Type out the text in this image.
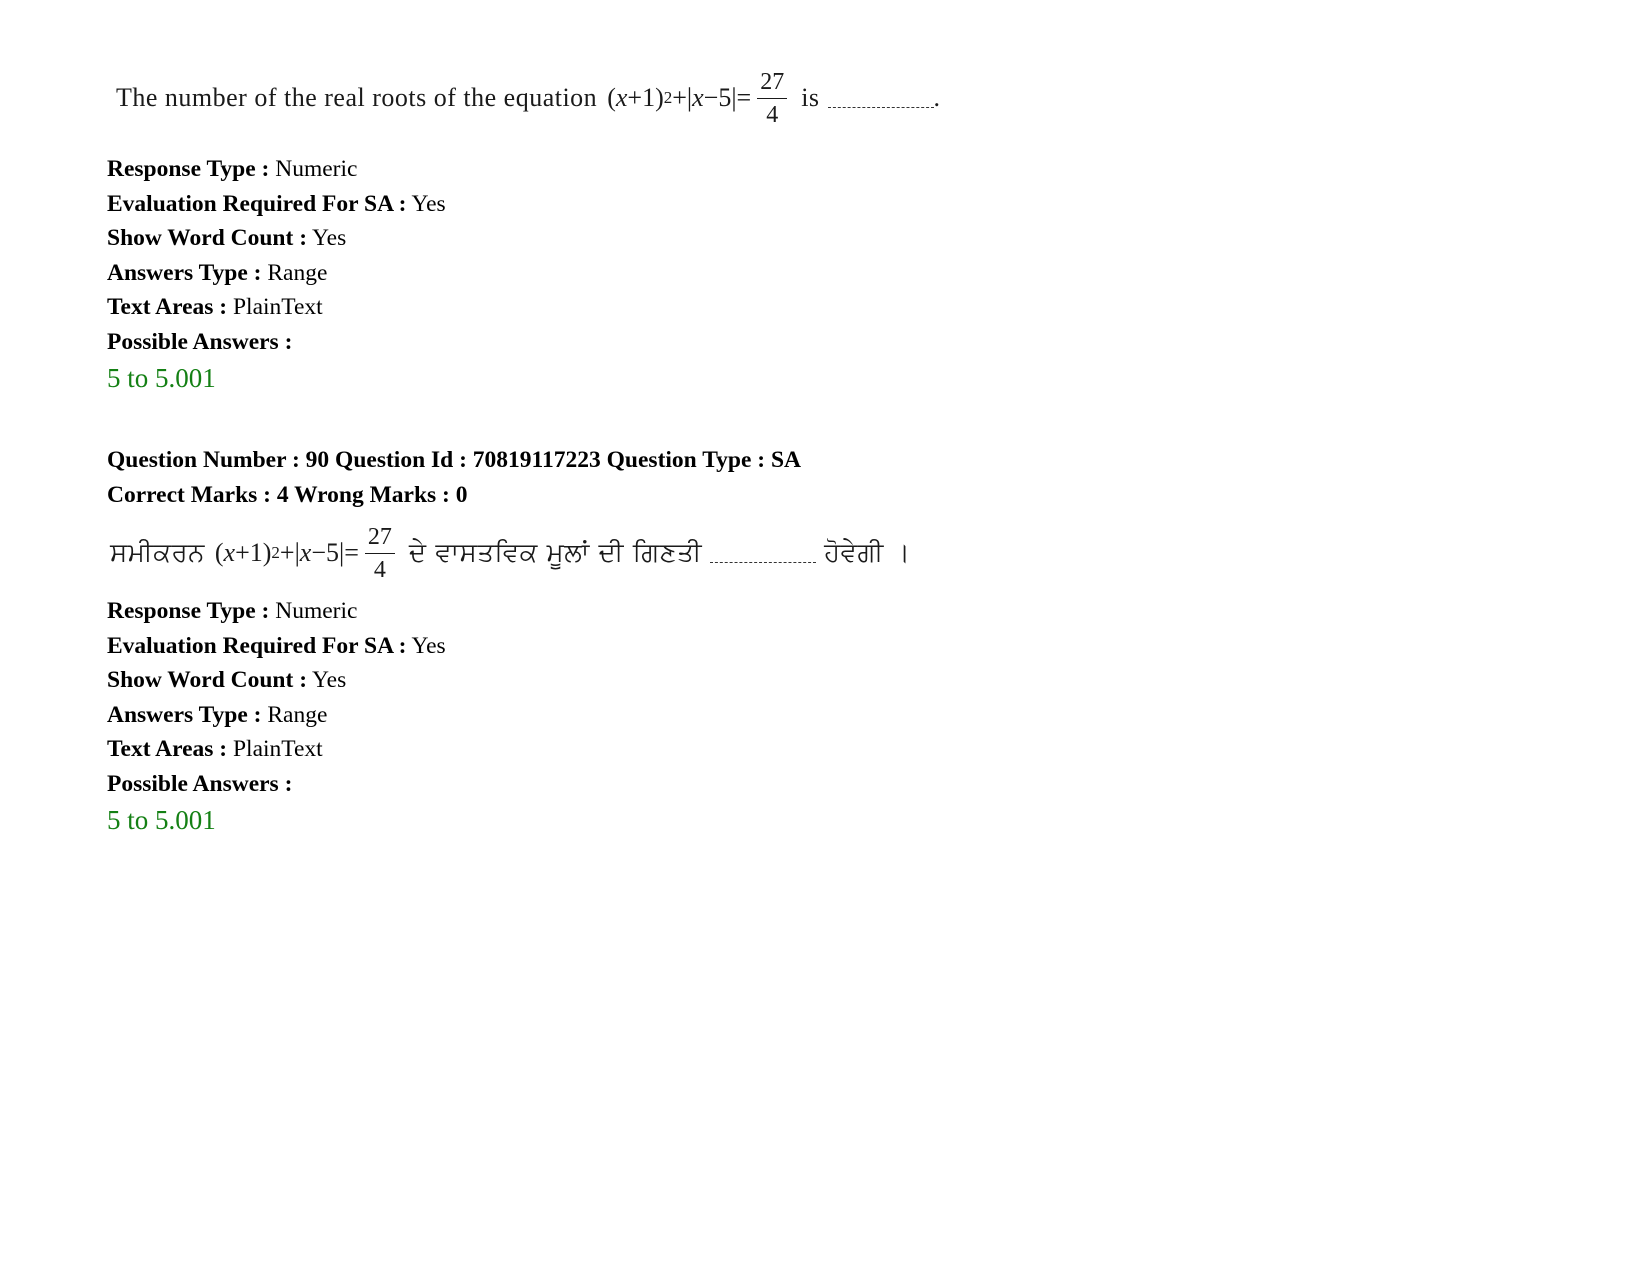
The number of the real roots of the equation ( x +1) 2 +| $x -5|= \frac{27}{4}$ is	.
Response Type : Numeric
Evaluation Required For SA : Yes
Show Word Count : Yes
Answers Type : Range
Text Areas : PlainText
Possible Answers :
5 to 5.001
Question Number : 90 Question Id : 70819117223 Question Type : SA
Correct Marks : 4 Wrong Marks : 0
ਸਮੀਕਰਨ ( x +1) 2 +| $x -5|= \frac{27}{4}$ ਦੇ ਵਾਸਤਵਿਕ ਮੂਲਾਂ ਦੀ ਗਿਣਤੀ	ਹੋਵੇਗੀ ।
Response Type : Numeric
Evaluation Required For SA : Yes
Show Word Count : Yes
Answers Type : Range
Text Areas : PlainText
Possible Answers :
5 to 5.001
